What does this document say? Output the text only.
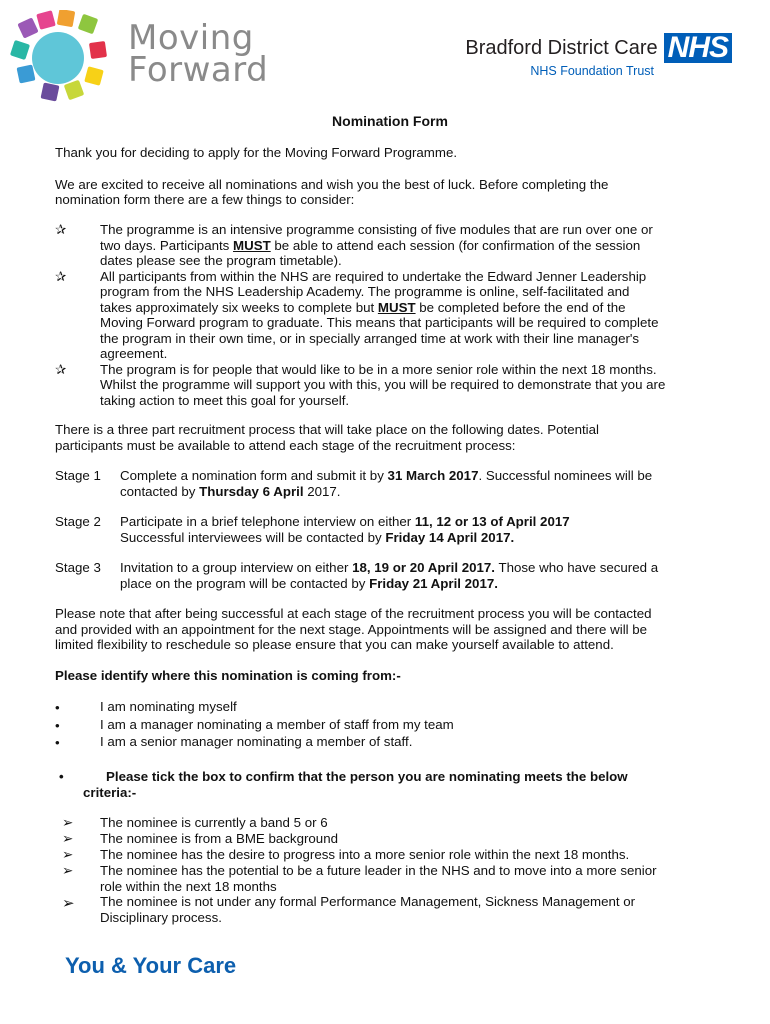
Moving
Forward
Bradford District Care NHS
NHS Foundation Trust
Nomination Form

Thank you for deciding to apply for the Moving Forward Programme.

We are excited to receive all nominations and wish you the best of luck. Before completing the

nomination form there are a few things to consider:

✰	The programme is an intensive programme consisting of five modules that are run over one or
two days. Participants MUST be able to attend each session (for confirmation of the session
dates please see the program timetable).
✰	All participants from within the NHS are required to undertake the Edward Jenner Leadership
program from the NHS Leadership Academy. The programme is online, self-facilitated and
takes approximately six weeks to complete but MUST be completed before the end of the
Moving Forward program to graduate. This means that participants will be required to complete
the program in their own time, or in specially arranged time at work with their line manager's
agreement.
✰	The program is for people that would like to be in a more senior role within the next 18 months.
Whilst the programme will support you with this, you will be required to demonstrate that you are
taking action to meet this goal for yourself.
There is a three part recruitment process that will take place on the following dates. Potential
participants must be available to attend each stage of the recruitment process:
Stage 1	Complete a nomination form and submit it by 31 March 2017. Successful nominees will be
contacted by Thursday 6 April 2017.
Stage 2	Participate in a brief telephone interview on either 11, 12 or 13 of April 2017
Successful interviewees will be contacted by Friday 14 April 2017.
Stage 3	Invitation to a group interview on either 18, 19 or 20 April 2017. Those who have secured a
place on the program will be contacted by Friday 21 April 2017.
Please note that after being successful at each stage of the recruitment process you will be contacted
and provided with an appointment for the next stage. Appointments will be assigned and there will be
limited flexibility to reschedule so please ensure that you can make yourself available to attend.
Please identify where this nomination is coming from:-
•	I am nominating myself
•	I am a manager nominating a member of staff from my team
•	I am a senior manager nominating a member of staff.
•	Please tick the box to confirm that the person you are nominating meets the below
criteria:-
➢	The nominee is currently a band 5 or 6
➢	The nominee is from a BME background
➢	The nominee has the desire to progress into a more senior role within the next 18 months.
➢	The nominee has the potential to be a future leader in the NHS and to move into a more senior
role within the next 18 months
➢	The nominee is not under any formal Performance Management, Sickness Management or
Disciplinary process.
You & Your Care
